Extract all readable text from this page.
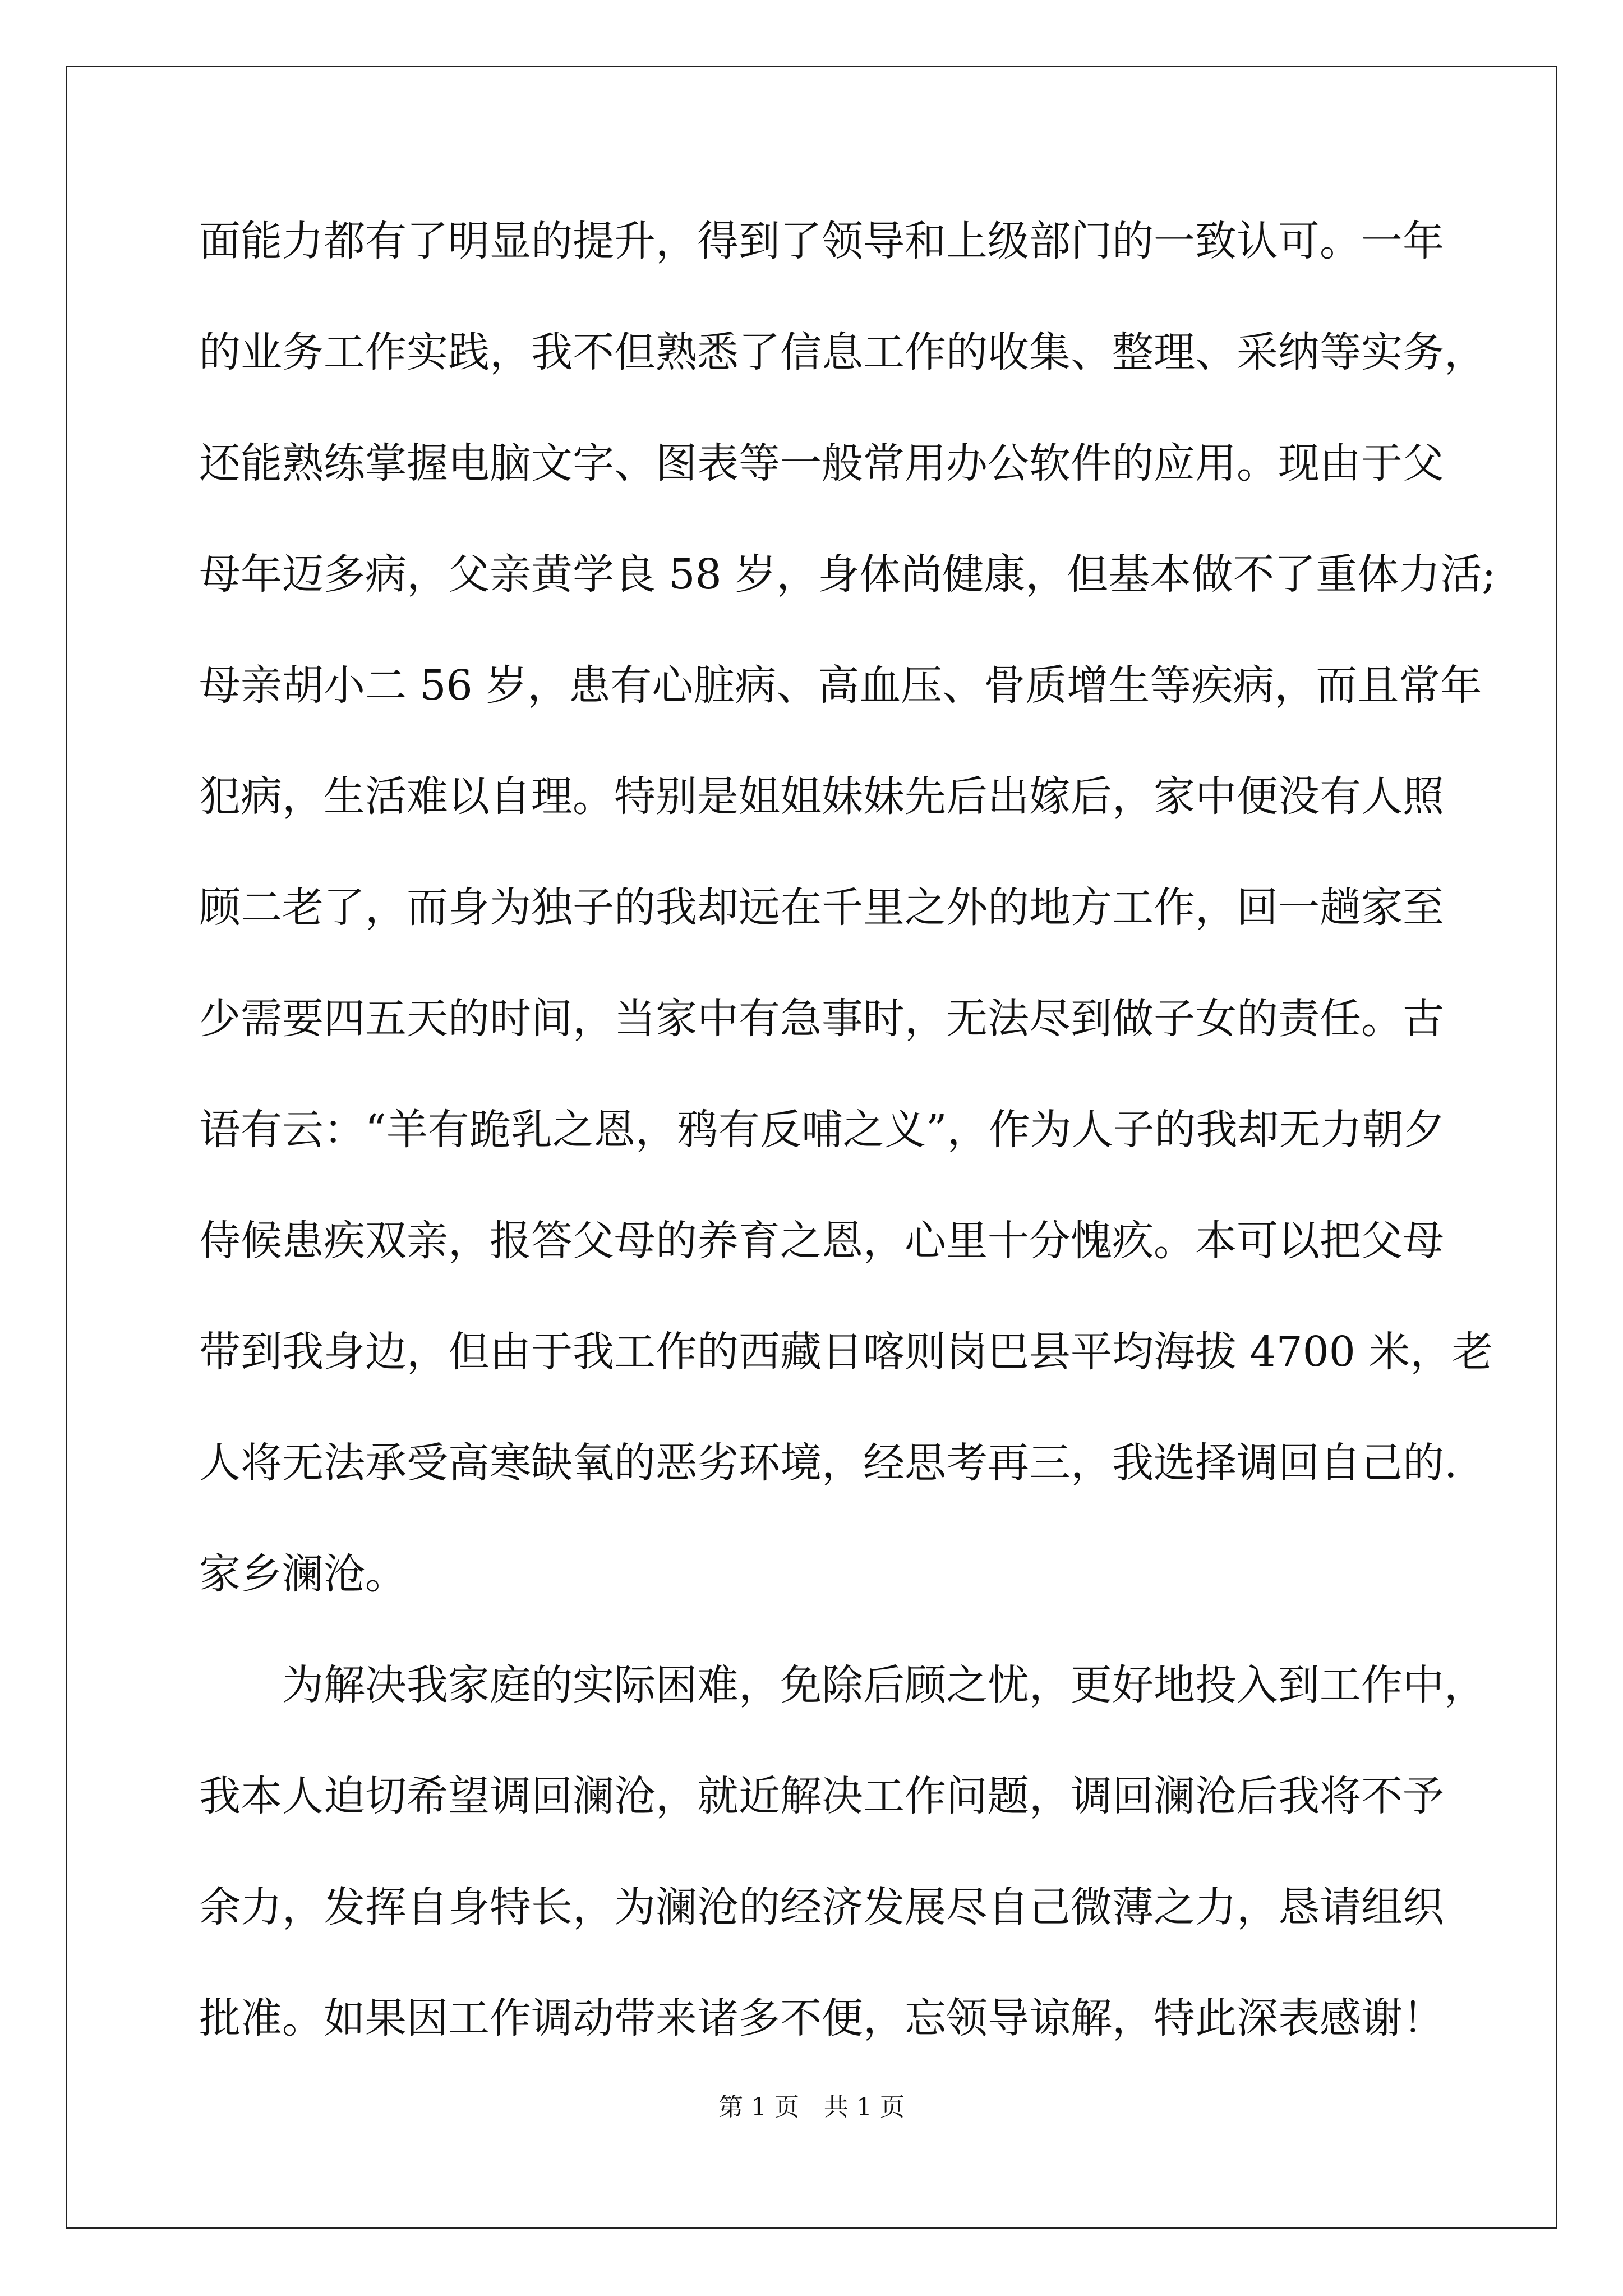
面能力都有了明显的提升，得到了领导和上级部门的一致认可。一年
的业务工作实践，我不但熟悉了信息工作的收集、整理、采纳等实务，
还能熟练掌握电脑文字、图表等一般常用办公软件的应用。现由于父
母年迈多病，父亲黄学良 58 岁，身体尚健康，但基本做不了重体力活;
母亲胡小二 56 岁，患有心脏病、高血压、骨质增生等疾病，而且常年
犯病，生活难以自理。特别是姐姐妹妹先后出嫁后，家中便没有人照
顾二老了，而身为独子的我却远在千里之外的地方工作，回一趟家至
少需要四五天的时间，当家中有急事时，无法尽到做子女的责任。古
语有云：“羊有跪乳之恩，鸦有反哺之义”，作为人子的我却无力朝夕
侍候患疾双亲，报答父母的养育之恩，心里十分愧疚。本可以把父母
带到我身边，但由于我工作的西藏日喀则岗巴县平均海拔 4700 米，老
人将无法承受高寒缺氧的恶劣环境，经思考再三，我选择调回自己的.
家乡澜沧。
为解决我家庭的实际困难，免除后顾之忧，更好地投入到工作中，
我本人迫切希望调回澜沧，就近解决工作问题，调回澜沧后我将不予
余力，发挥自身特长，为澜沧的经济发展尽自己微薄之力，恳请组织
批准。如果因工作调动带来诸多不便，忘领导谅解，特此深表感谢！
第 1 页　共 1 页
